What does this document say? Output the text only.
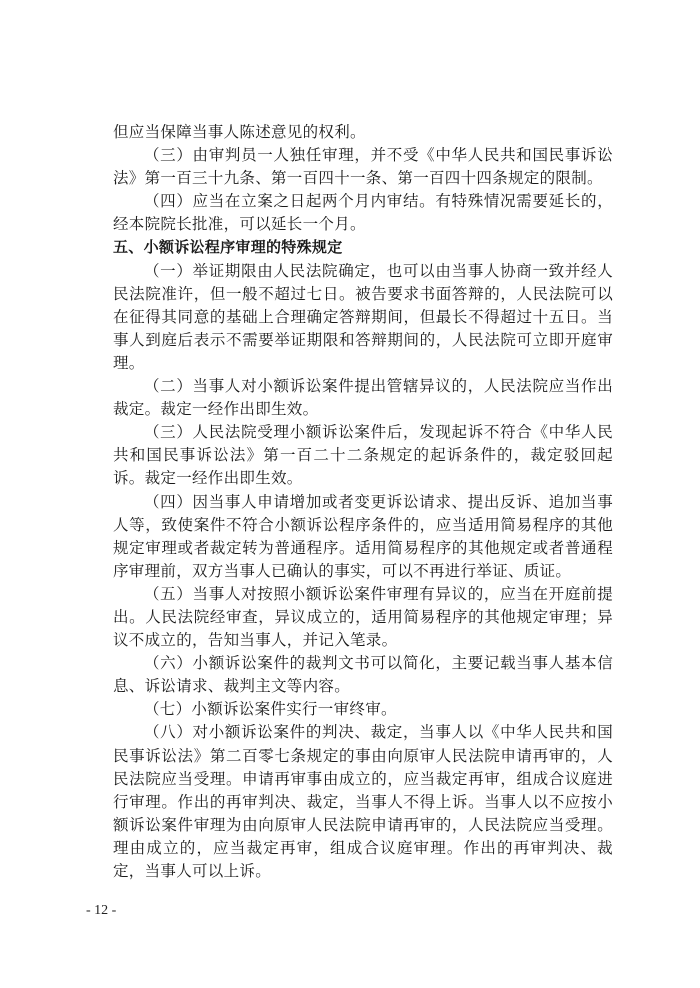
但应当保障当事人陈述意见的权利。

（三）由审判员一人独任审理，并不受《中华人民共和国民事诉讼法》第一百三十九条、第一百四十一条、第一百四十四条规定的限制。

（四）应当在立案之日起两个月内审结。有特殊情况需要延长的，经本院院长批准，可以延长一个月。

五、小额诉讼程序审理的特殊规定

（一）举证期限由人民法院确定，也可以由当事人协商一致并经人民法院准许，但一般不超过七日。被告要求书面答辩的，人民法院可以在征得其同意的基础上合理确定答辩期间，但最长不得超过十五日。当事人到庭后表示不需要举证期限和答辩期间的，人民法院可立即开庭审理。

（二）当事人对小额诉讼案件提出管辖异议的，人民法院应当作出裁定。裁定一经作出即生效。

（三）人民法院受理小额诉讼案件后，发现起诉不符合《中华人民共和国民事诉讼法》第一百二十二条规定的起诉条件的，裁定驳回起诉。裁定一经作出即生效。

（四）因当事人申请增加或者变更诉讼请求、提出反诉、追加当事人等，致使案件不符合小额诉讼程序条件的，应当适用简易程序的其他规定审理或者裁定转为普通程序。适用简易程序的其他规定或者普通程序审理前，双方当事人已确认的事实，可以不再进行举证、质证。

（五）当事人对按照小额诉讼案件审理有异议的，应当在开庭前提出。人民法院经审查，异议成立的，适用简易程序的其他规定审理；异议不成立的，告知当事人，并记入笔录。

（六）小额诉讼案件的裁判文书可以简化，主要记载当事人基本信息、诉讼请求、裁判主文等内容。

（七）小额诉讼案件实行一审终审。

（八）对小额诉讼案件的判决、裁定，当事人以《中华人民共和国民事诉讼法》第二百零七条规定的事由向原审人民法院申请再审的，人民法院应当受理。申请再审事由成立的，应当裁定再审，组成合议庭进行审理。作出的再审判决、裁定，当事人不得上诉。当事人以不应按小额诉讼案件审理为由向原审人民法院申请再审的，人民法院应当受理。理由成立的，应当裁定再审，组成合议庭审理。作出的再审判决、裁定，当事人可以上诉。

- 12 -
